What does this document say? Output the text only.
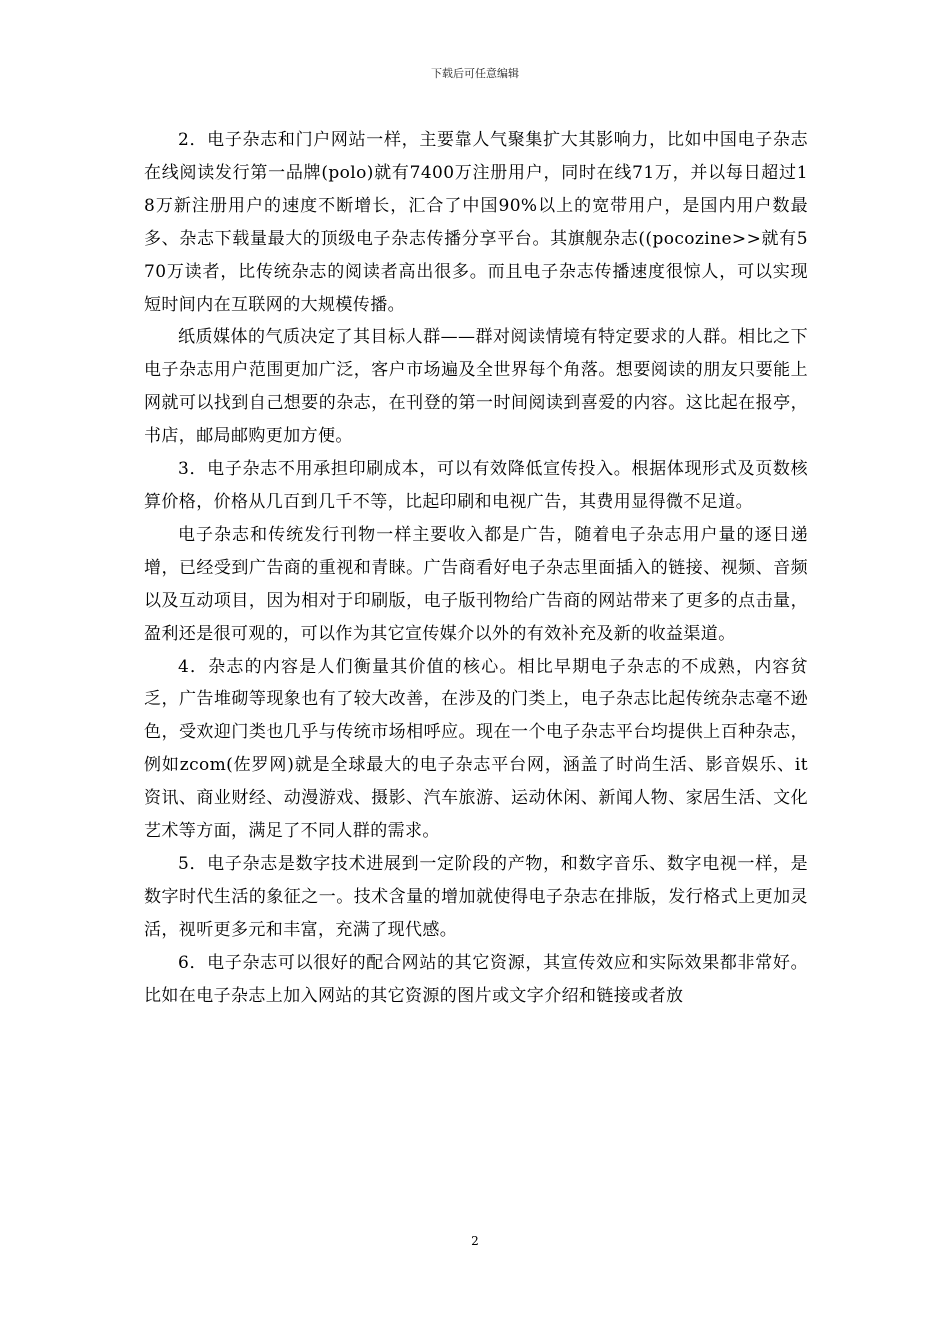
下载后可任意编辑

2．电子杂志和门户网站一样，主要靠人气聚集扩大其影响力，比如中国电子杂志在线阅读发行第一品牌(polo)就有7400万注册用户，同时在线71万，并以每日超过18万新注册用户的速度不断增长，汇合了中国90%以上的宽带用户，是国内用户数最多、杂志下载量最大的顶级电子杂志传播分享平台。其旗舰杂志((pocozine>>就有570万读者，比传统杂志的阅读者高出很多。而且电子杂志传播速度很惊人，可以实现短时间内在互联网的大规模传播。

纸质媒体的气质决定了其目标人群——群对阅读情境有特定要求的人群。相比之下电子杂志用户范围更加广泛，客户市场遍及全世界每个角落。想要阅读的朋友只要能上网就可以找到自己想要的杂志，在刊登的第一时间阅读到喜爱的内容。这比起在报亭，书店，邮局邮购更加方便。

3．电子杂志不用承担印刷成本，可以有效降低宣传投入。根据体现形式及页数核算价格，价格从几百到几千不等，比起印刷和电视广告，其费用显得微不足道。

电子杂志和传统发行刊物一样主要收入都是广告，随着电子杂志用户量的逐日递增，已经受到广告商的重视和青睐。广告商看好电子杂志里面插入的链接、视频、音频以及互动项目，因为相对于印刷版，电子版刊物给广告商的网站带来了更多的点击量，盈利还是很可观的，可以作为其它宣传媒介以外的有效补充及新的收益渠道。

4．杂志的内容是人们衡量其价值的核心。相比早期电子杂志的不成熟，内容贫乏，广告堆砌等现象也有了较大改善，在涉及的门类上，电子杂志比起传统杂志毫不逊色，受欢迎门类也几乎与传统市场相呼应。现在一个电子杂志平台均提供上百种杂志，例如zcom(佐罗网)就是全球最大的电子杂志平台网，涵盖了时尚生活、影音娱乐、it资讯、商业财经、动漫游戏、摄影、汽车旅游、运动休闲、新闻人物、家居生活、文化艺术等方面，满足了不同人群的需求。

5．电子杂志是数字技术进展到一定阶段的产物，和数字音乐、数字电视一样，是数字时代生活的象征之一。技术含量的增加就使得电子杂志在排版，发行格式上更加灵活，视听更多元和丰富，充满了现代感。

6．电子杂志可以很好的配合网站的其它资源，其宣传效应和实际效果都非常好。比如在电子杂志上加入网站的其它资源的图片或文字介绍和链接或者放

2
